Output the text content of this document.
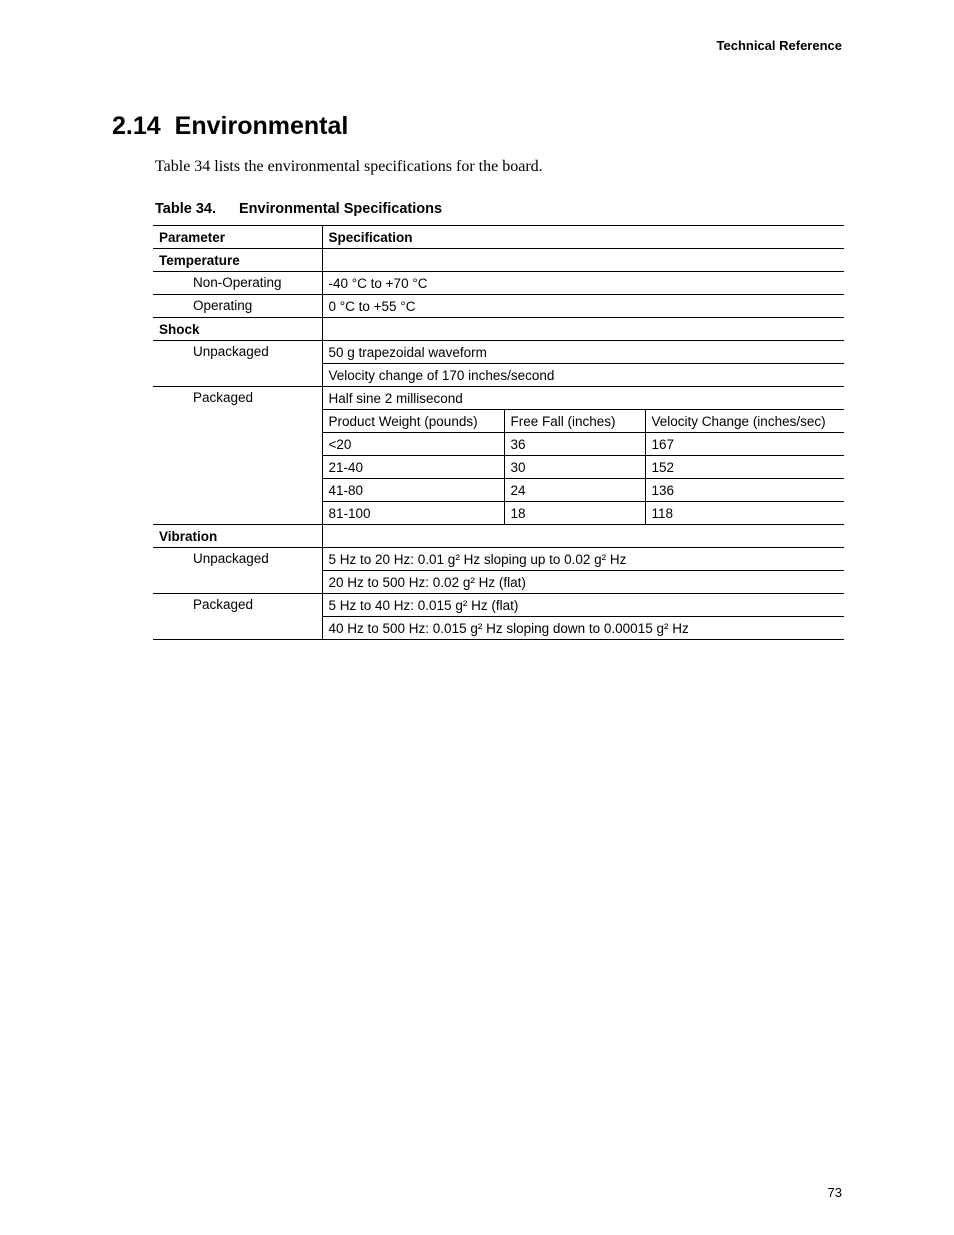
Technical Reference
2.14 Environmental

Table 34 lists the environmental specifications for the board.

Table 34. Environmental Specifications
Parameter	Specification		
Temperature			
Non-Operating	-40 °C to +70 °C		
Operating	0 °C to +55 °C		
Shock			
Unpackaged	50 g trapezoidal waveform		
	Velocity change of 170 inches/second		
Packaged	Half sine 2 millisecond		
	Product Weight (pounds)	Free Fall (inches)	Velocity Change (inches/sec)
	<20	36	167
	21-40	30	152
	41-80	24	136
	81-100	18	118
Vibration			
Unpackaged	5 Hz to 20 Hz: 0.01 g² Hz sloping up to 0.02 g² Hz		
	20 Hz to 500 Hz: 0.02 g² Hz (flat)		
Packaged	5 Hz to 40 Hz: 0.015 g² Hz (flat)		
	40 Hz to 500 Hz: 0.015 g² Hz sloping down to 0.00015 g² Hz		
73
